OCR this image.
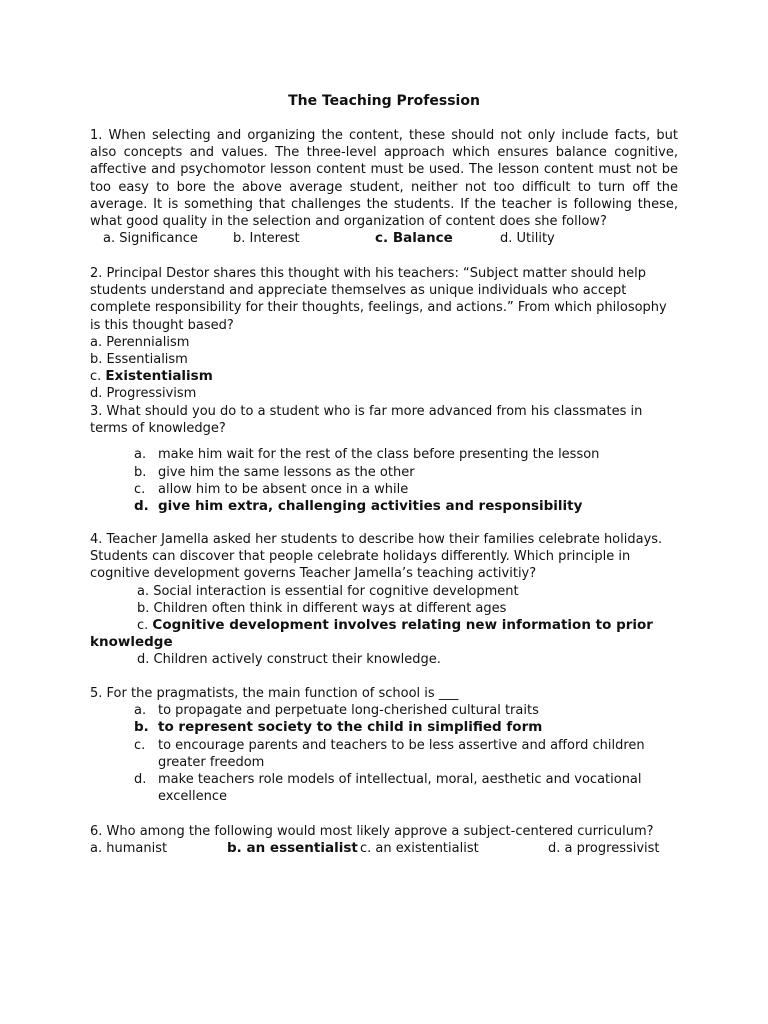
The Teaching Profession

1. When selecting and organizing the content, these should not only include facts, but also concepts and values. The three-level approach which ensures balance cognitive, affective and psychomotor lesson content must be used. The lesson content must not be too easy to bore the above average student, neither not too difficult to turn off the average. It is something that challenges the students. If the teacher is following these, what good quality in the selection and organization of content does she follow?

a. Significance	b. Interest	c. Balance	d. Utility

2. Principal Destor shares this thought with his teachers: “Subject matter should help students understand and appreciate themselves as unique individuals who accept complete responsibility for their thoughts, feelings, and actions.” From which philosophy is this thought based?

a. Perennialism

b. Essentialism

c. Existentialism

d. Progressivism

3. What should you do to a student who is far more advanced from his classmates in terms of knowledge?

a. make him wait for the rest of the class before presenting the lesson
b. give him the same lessons as the other
c. allow him to be absent once in a while
d. give him extra, challenging activities and responsibility

4. Teacher Jamella asked her students to describe how their families celebrate holidays. Students can discover that people celebrate holidays differently. Which principle in cognitive development governs Teacher Jamella’s teaching activitiy?

a. Social interaction is essential for cognitive development

b. Children often think in different ways at different ages

c. Cognitive development involves relating new information to prior knowledge

d. Children actively construct their knowledge.

5. For the pragmatists, the main function of school is ___

a. to propagate and perpetuate long-cherished cultural traits
b. to represent society to the child in simplified form
c. to encourage parents and teachers to be less assertive and afford children greater freedom
d. make teachers role models of intellectual, moral, aesthetic and vocational excellence

6. Who among the following would most likely approve a subject-centered curriculum?

a. humanist	b. an essentialist c. an existentialist	d. a progressivist
